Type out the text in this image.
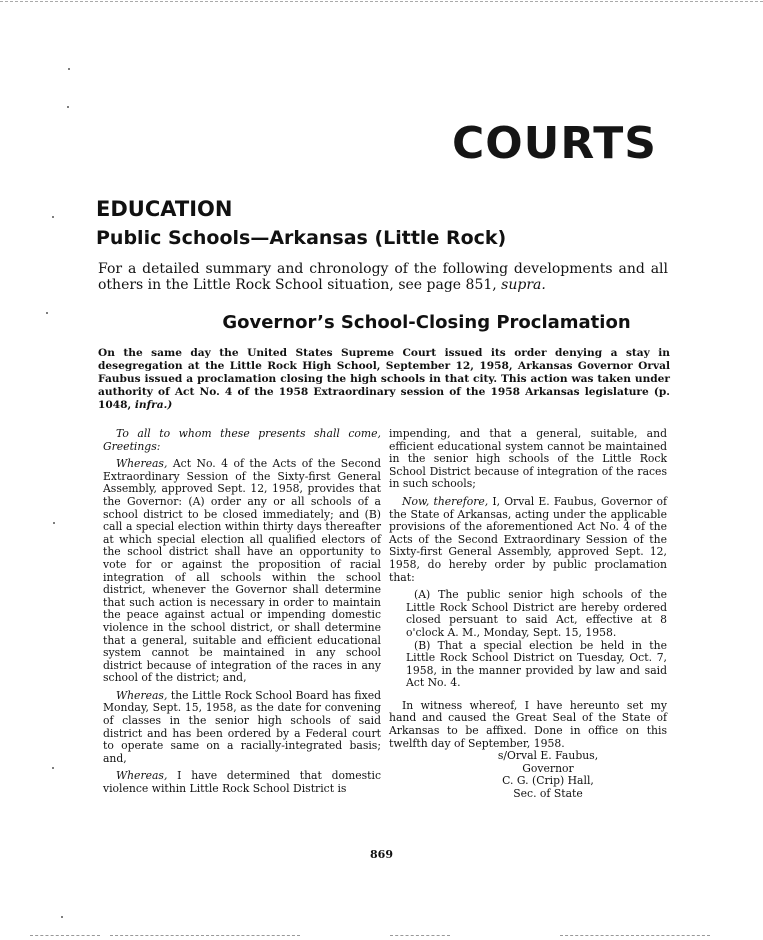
COURTS
EDUCATION
Public Schools—Arkansas (Little Rock)
For a detailed summary and chronology of the following developments and all others in the Little Rock School situation, see page 851, supra.
Governor’s School-Closing Proclamation
On the same day the United States Supreme Court issued its order denying a stay in desegregation at the Little Rock High School, September 12, 1958, Arkansas Governor Orval Faubus issued a proclamation closing the high schools in that city. This action was taken under authority of Act No. 4 of the 1958 Extraordinary session of the 1958 Arkansas legislature (p. 1048, infra.)

To all to whom these presents shall come, Greetings:

Whereas, Act No. 4 of the Acts of the Second Extraordinary Session of the Sixty-first General Assembly, approved Sept. 12, 1958, provides that the Governor: (A) order any or all schools of a school district to be closed immediately; and (B) call a special election within thirty days thereafter at which special election all qualified electors of the school district shall have an opportunity to vote for or against the proposition of racial integration of all schools within the school district, whenever the Governor shall determine that such action is necessary in order to maintain the peace against actual or impending domestic violence in the school district, or shall determine that a general, suitable and efficient educational system cannot be maintained in any school district because of integration of the races in any school of the district; and,

Whereas, the Little Rock School Board has fixed Monday, Sept. 15, 1958, as the date for convening of classes in the senior high schools of said district and has been ordered by a Federal court to operate same on a racially-integrated basis; and,

Whereas, I have determined that domestic violence within Little Rock School District is

impending, and that a general, suitable, and efficient educational system cannot be maintained in the senior high schools of the Little Rock School District because of integration of the races in such schools;

Now, therefore, I, Orval E. Faubus, Governor of the State of Arkansas, acting under the applicable provisions of the aforementioned Act No. 4 of the Acts of the Second Extraordinary Session of the Sixty-first General Assembly, approved Sept. 12, 1958, do hereby order by public proclamation that:

(A) The public senior high schools of the Little Rock School District are hereby ordered closed persuant to said Act, effective at 8 o'clock A. M., Monday, Sept. 15, 1958.

(B) That a special election be held in the Little Rock School District on Tuesday, Oct. 7, 1958, in the manner provided by law and said Act No. 4.

In witness whereof, I have hereunto set my hand and caused the Great Seal of the State of Arkansas to be affixed. Done in office on this twelfth day of September, 1958.

s/Orval E. Faubus,
Governor
C. G. (Crip) Hall,
Sec. of State
869
